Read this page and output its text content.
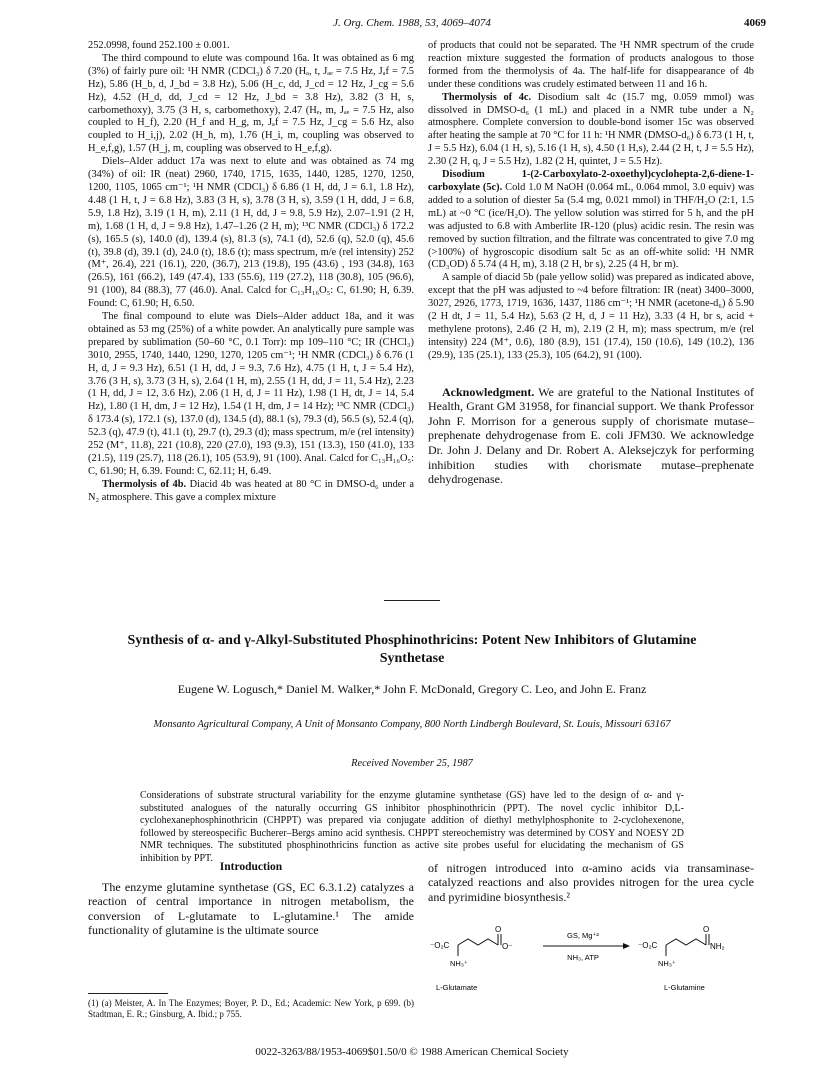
J. Org. Chem. 1988, 53, 4069–4074	4069

252.0998, found 252.100 ± 0.001.

The third compound to elute was compound 16a. It was obtained as 6 mg (3%) of fairly pure oil: ¹H NMR (CDCl₃) δ 7.20 (Hₐ, t, Jₐₑ = 7.5 Hz, Jₐf = 7.5 Hz), 5.86 (H_b, d, J_bd = 3.8 Hz), 5.06 (H_c, dd, J_cd = 12 Hz, J_cg = 5.6 Hz), 4.52 (H_d, dd, J_cd = 12 Hz, J_bd = 3.8 Hz), 3.82 (3 H, s, carbomethoxy), 3.75 (3 H, s, carbomethoxy), 2.47 (Hₑ, m, Jₐₑ = 7.5 Hz, also coupled to H_f), 2.20 (H_f and H_g, m, Jₐf = 7.5 Hz, J_cg = 5.6 Hz, also coupled to H_i,j), 2.02 (H_h, m), 1.76 (H_i, m, coupling was observed to H_e,f,g), 1.57 (H_j, m, coupling was observed to H_e,f,g).

Diels–Alder adduct 17a was next to elute and was obtained as 74 mg (34%) of oil: IR (neat) 2960, 1740, 1715, 1635, 1440, 1285, 1270, 1250, 1200, 1105, 1065 cm⁻¹; ¹H NMR (CDCl₃) δ 6.86 (1 H, dd, J = 6.1, 1.8 Hz), 4.48 (1 H, t, J = 6.8 Hz), 3.83 (3 H, s), 3.78 (3 H, s), 3.59 (1 H, ddd, J = 6.8, 5.9, 1.8 Hz), 3.19 (1 H, m), 2.11 (1 H, dd, J = 9.8, 5.9 Hz), 2.07–1.91 (2 H, m), 1.68 (1 H, d, J = 9.8 Hz), 1.47–1.26 (2 H, m); ¹³C NMR (CDCl₃) δ 172.2 (s), 165.5 (s), 140.0 (d), 139.4 (s), 81.3 (s), 74.1 (d), 52.6 (q), 52.0 (q), 45.6 (t), 39.8 (d), 39.1 (d), 24.0 (t), 18.6 (t); mass spectrum, m/e (rel intensity) 252 (M⁺, 26.4), 221 (16.1), 220, (36.7), 213 (19.8), 195 (43.6) , 193 (34.8), 163 (26.5), 161 (66.2), 149 (47.4), 133 (55.6), 119 (27.2), 118 (30.8), 105 (96.6), 91 (100), 84 (88.3), 77 (46.0). Anal. Calcd for C₁₃H₁₆O₅: C, 61.90; H, 6.39. Found: C, 61.90; H, 6.50.

The final compound to elute was Diels–Alder adduct 18a, and it was obtained as 53 mg (25%) of a white powder. An analytically pure sample was prepared by sublimation (50–60 °C, 0.1 Torr): mp 109–110 °C; IR (CHCl₃) 3010, 2955, 1740, 1440, 1290, 1270, 1205 cm⁻¹; ¹H NMR (CDCl₃) δ 6.76 (1 H, d, J = 9.3 Hz), 6.51 (1 H, dd, J = 9.3, 7.6 Hz), 4.75 (1 H, t, J = 5.4 Hz), 3.76 (3 H, s), 3.73 (3 H, s), 2.64 (1 H, m), 2.55 (1 H, dd, J = 11, 5.4 Hz), 2.23 (1 H, dd, J = 12, 3.6 Hz), 2.06 (1 H, d, J = 11 Hz), 1.98 (1 H, dt, J = 14, 5.4 Hz), 1.80 (1 H, dm, J = 12 Hz), 1.54 (1 H, dm, J = 14 Hz); ¹³C NMR (CDCl₃) δ 173.4 (s), 172.1 (s), 137.0 (d), 134.5 (d), 88.1 (s), 79.3 (d), 56.5 (s), 52.4 (q), 52.3 (q), 47.9 (t), 41.1 (t), 29.7 (t), 29.3 (d); mass spectrum, m/e (rel intensity) 252 (M⁺, 11.8), 221 (10.8), 220 (27.0), 193 (9.3), 151 (13.3), 150 (41.0), 133 (21.5), 119 (25.7), 118 (26.1), 105 (53.9), 91 (100). Anal. Calcd for C₁₃H₁₆O₅: C, 61.90; H, 6.39. Found: C, 62.11; H, 6.49.

Thermolysis of 4b. Diacid 4b was heated at 80 °C in DMSO-d₆ under a N₂ atmosphere. This gave a complex mixture

of products that could not be separated. The ¹H NMR spectrum of the crude reaction mixture suggested the formation of products analogous to those formed from the thermolysis of 4a. The half-life for disappearance of 4b under these conditions was crudely estimated between 11 and 16 h.

Thermolysis of 4c. Disodium salt 4c (15.7 mg, 0.059 mmol) was dissolved in DMSO-d₆ (1 mL) and placed in a NMR tube under a N₂ atmosphere. Complete conversion to double-bond isomer 15c was observed after heating the sample at 70 °C for 11 h: ¹H NMR (DMSO-d₆) δ 6.73 (1 H, t, J = 5.5 Hz), 6.04 (1 H, s), 5.16 (1 H, s), 4.50 (1 H,s), 2.44 (2 H, t, J = 5.5 Hz), 2.30 (2 H, q, J = 5.5 Hz), 1.82 (2 H, quintet, J = 5.5 Hz).

Disodium 1-(2-Carboxylato-2-oxoethyl)cyclohepta-2,6-diene-1-carboxylate (5c). Cold 1.0 M NaOH (0.064 mL, 0.064 mmol, 3.0 equiv) was added to a solution of diester 5a (5.4 mg, 0.021 mmol) in THF/H₂O (2:1, 1.5 mL) at ~0 °C (ice/H₂O). The yellow solution was stirred for 5 h, and the pH was adjusted to 6.8 with Amberlite IR-120 (plus) acidic resin. The resin was removed by suction filtration, and the filtrate was concentrated to give 7.0 mg (>100%) of hygroscopic disodium salt 5c as an off-white solid: ¹H NMR (CD₃OD) δ 5.74 (4 H, m), 3.18 (2 H, br s), 2.25 (4 H, br m).

A sample of diacid 5b (pale yellow solid) was prepared as indicated above, except that the pH was adjusted to ~4 before filtration: IR (neat) 3400–3000, 3027, 2926, 1773, 1719, 1636, 1437, 1186 cm⁻¹; ¹H NMR (acetone-d₆) δ 5.90 (2 H dt, J = 11, 5.4 Hz), 5.63 (2 H, d, J = 11 Hz), 3.33 (4 H, br s, acid + methylene protons), 2.46 (2 H, m), 2.19 (2 H, m); mass spectrum, m/e (rel intensity) 224 (M⁺, 0.6), 180 (8.9), 151 (17.4), 150 (10.6), 149 (10.2), 136 (29.9), 135 (25.1), 133 (25.3), 105 (64.2), 91 (100).

Acknowledgment. We are grateful to the National Institutes of Health, Grant GM 31958, for financial support. We thank Professor John F. Morrison for a generous supply of chorismate mutase–prephenate dehydrogenase from E. coli JFM30. We acknowledge Dr. John J. Delany and Dr. Robert A. Aleksejczyk for performing inhibition studies with chorismate mutase–prephenate dehydrogenase.

Synthesis of α- and γ-Alkyl-Substituted Phosphinothricins: Potent New Inhibitors of Glutamine Synthetase
Eugene W. Logusch,* Daniel M. Walker,* John F. McDonald, Gregory C. Leo, and John E. Franz
Monsanto Agricultural Company, A Unit of Monsanto Company, 800 North Lindbergh Boulevard, St. Louis, Missouri 63167
Received November 25, 1987
Considerations of substrate structural variability for the enzyme glutamine synthetase (GS) have led to the design of α- and γ-substituted analogues of the naturally occurring GS inhibitor phosphinothricin (PPT). The novel cyclic inhibitor D,L-cyclohexanephosphinothricin (CHPPT) was prepared via conjugate addition of diethyl methylphosphonite to 2-cyclohexenone, followed by stereospecific Bucherer–Bergs amino acid synthesis. CHPPT stereochemistry was determined by COSY and NOESY 2D NMR techniques. The substituted phosphinothricins function as active site probes useful for elucidating the mechanism of GS inhibition by PPT.
Introduction

The enzyme glutamine synthetase (GS, EC 6.3.1.2) catalyzes a reaction of central importance in nitrogen metabolism, the conversion of L-glutamate to L-glutamine.¹ The amide functionality of glutamine is the ultimate source

of nitrogen introduced into α-amino acids via transaminase-catalyzed reactions and also provides nitrogen for the urea cycle and pyrimidine biosynthesis.²

⁻O₂C
NH₃⁺
O⁻
O
L-Glutamate
GS, Mg⁺²
NH₃, ATP
⁻O₂C
NH₃⁺
NH₂
O
L-Glutamine
(1) (a) Meister, A. In The Enzymes; Boyer, P. D., Ed.; Academic: New York, p 699. (b) Stadtman, E. R.; Ginsburg, A. Ibid.; p 755.
0022-3263/88/1953-4069$01.50/0 © 1988 American Chemical Society
